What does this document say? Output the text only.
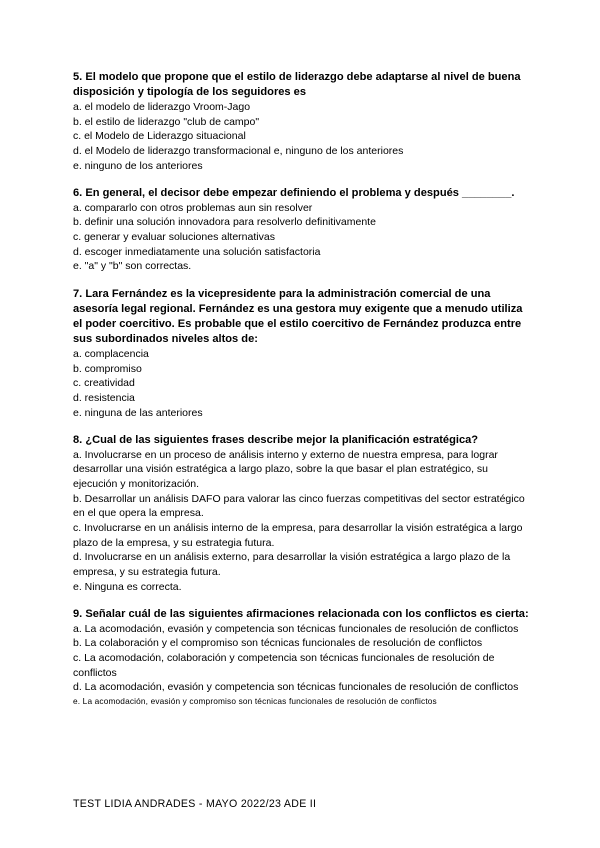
5. El modelo que propone que el estilo de liderazgo debe adaptarse al nivel de buena disposición y tipología de los seguidores es
a. el modelo de liderazgo Vroom-Jago
b. el estilo de liderazgo "club de campo"
c. el Modelo de Liderazgo situacional
d. el Modelo de liderazgo transformacional e, ninguno de los anteriores
e. ninguno de los anteriores
6. En general, el decisor debe empezar definiendo el problema y después ________.
a. compararlo con otros problemas aun sin resolver
b. definir una solución innovadora para resolverlo definitivamente
c. generar y evaluar soluciones alternativas
d. escoger inmediatamente una solución satisfactoria
e. "a" y "b" son correctas.
7. Lara Fernández es la vicepresidente para la administración comercial de una asesoría legal regional. Fernández es una gestora muy exigente que a menudo utiliza el poder coercitivo. Es probable que el estilo coercitivo de Fernández produzca entre sus subordinados niveles altos de:
a. complacencia
b. compromiso
c. creatividad
d. resistencia
e. ninguna de las anteriores
8. ¿Cual de las siguientes frases describe mejor la planificación estratégica?
a. Involucrarse en un proceso de análisis interno y externo de nuestra empresa, para lograr desarrollar una visión estratégica a largo plazo, sobre la que basar el plan estratégico, su ejecución y monitorización.
b. Desarrollar un análisis DAFO para valorar las cinco fuerzas competitivas del sector estratégico en el que opera la empresa.
c. Involucrarse en un análisis interno de la empresa, para desarrollar la visión estratégica a largo plazo de la empresa, y su estrategia futura.
d. Involucrarse en un análisis externo, para desarrollar la visión estratégica a largo plazo de la empresa, y su estrategia futura.
e. Ninguna es correcta.
9. Señalar cuál de las siguientes afirmaciones relacionada con los conflictos es cierta:
a. La acomodación, evasión y competencia son técnicas funcionales de resolución de conflictos
b. La colaboración y el compromiso son técnicas funcionales de resolución de conflictos
c. La acomodación, colaboración y competencia son técnicas funcionales de resolución de conflictos
d. La acomodación, evasión y competencia son técnicas funcionales de resolución de conflictos
e. La acomodación, evasión y compromiso son técnicas funcionales de resolución de conflictos
TEST LIDIA ANDRADES - MAYO 2022/23 ADE II
